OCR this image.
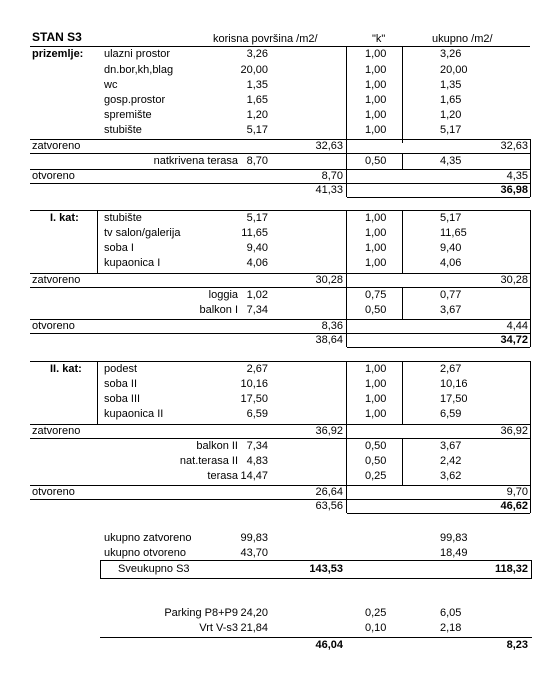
STAN S3	korisna površina /m2/	"k"	ukupno /m2/
prizemlje: ulazni prostor	3,26	1,00	3,26
dn.bor,kh,blag	20,00	1,00	20,00
wc	1,35	1,00	1,35
gosp.prostor	1,65	1,00	1,65
spremište	1,20	1,00	1,20
stubište	5,17	1,00	5,17
zatvoreno	32,63	32,63
natkrivena terasa 8,70	0,50	4,35
otvoreno	8,70	4,35
41,33	36,98
I. kat: stubište	5,17	1,00	5,17
tv salon/galerija	11,65	1,00	11,65
soba I	9,40	1,00	9,40
kupaonica I	4,06	1,00	4,06
zatvoreno	30,28	30,28
loggia 1,02	0,75	0,77
balkon I 7,34	0,50	3,67
otvoreno	8,36	4,44
38,64	34,72
II. kat: podest	2,67	1,00	2,67
soba II	10,16	1,00	10,16
soba III	17,50	1,00	17,50
kupaonica II	6,59	1,00	6,59
zatvoreno	36,92	36,92
balkon II 7,34	0,50	3,67
nat.terasa II 4,83	0,50	2,42
terasa 14,47	0,25	3,62
otvoreno	26,64	9,70
63,56	46,62
ukupno zatvoreno	99,83	99,83
ukupno otvoreno	43,70	18,49
Sveukupno S3	143,53	118,32
Parking P8+P9 24,20	0,25	6,05
Vrt V-s3 21,84	0,10	2,18
46,04	8,23
